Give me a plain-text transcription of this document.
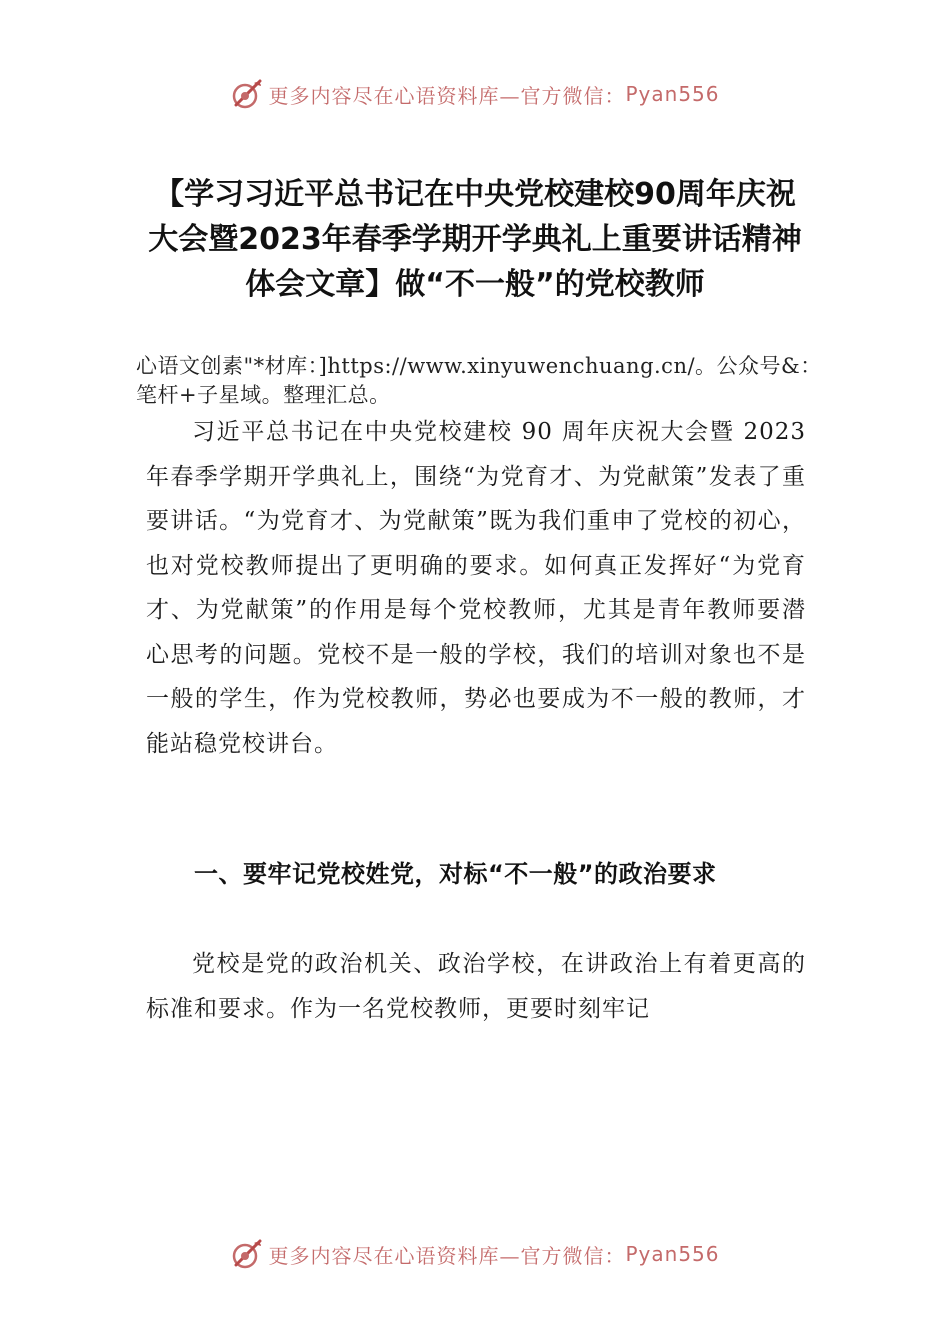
更多内容尽在心语资料库—官方微信： Pyan556
【学习习近平总书记在中央党校建校90周年庆祝大会暨2023年春季学期开学典礼上重要讲话精神体会文章】做“不一般”的党校教师

心语文创素"*材库：]https://www.xinyuwenchuang.cn/。公众号&：笔杆+子星域。整理汇总。

习近平总书记在中央党校建校 90 周年庆祝大会暨 2023 年春季学期开学典礼上，围绕“为党育才、为党献策”发表了重要讲话。“为党育才、为党献策”既为我们重申了党校的初心，也对党校教师提出了更明确的要求。如何真正发挥好“为党育才、为党献策”的作用是每个党校教师，尤其是青年教师要潜心思考的问题。党校不是一般的学校，我们的培训对象也不是一般的学生，作为党校教师，势必也要成为不一般的教师，才能站稳党校讲台。

一、要牢记党校姓党，对标“不一般”的政治要求

党校是党的政治机关、政治学校，在讲政治上有着更高的标准和要求。作为一名党校教师，更要时刻牢记

更多内容尽在心语资料库—官方微信： Pyan556
